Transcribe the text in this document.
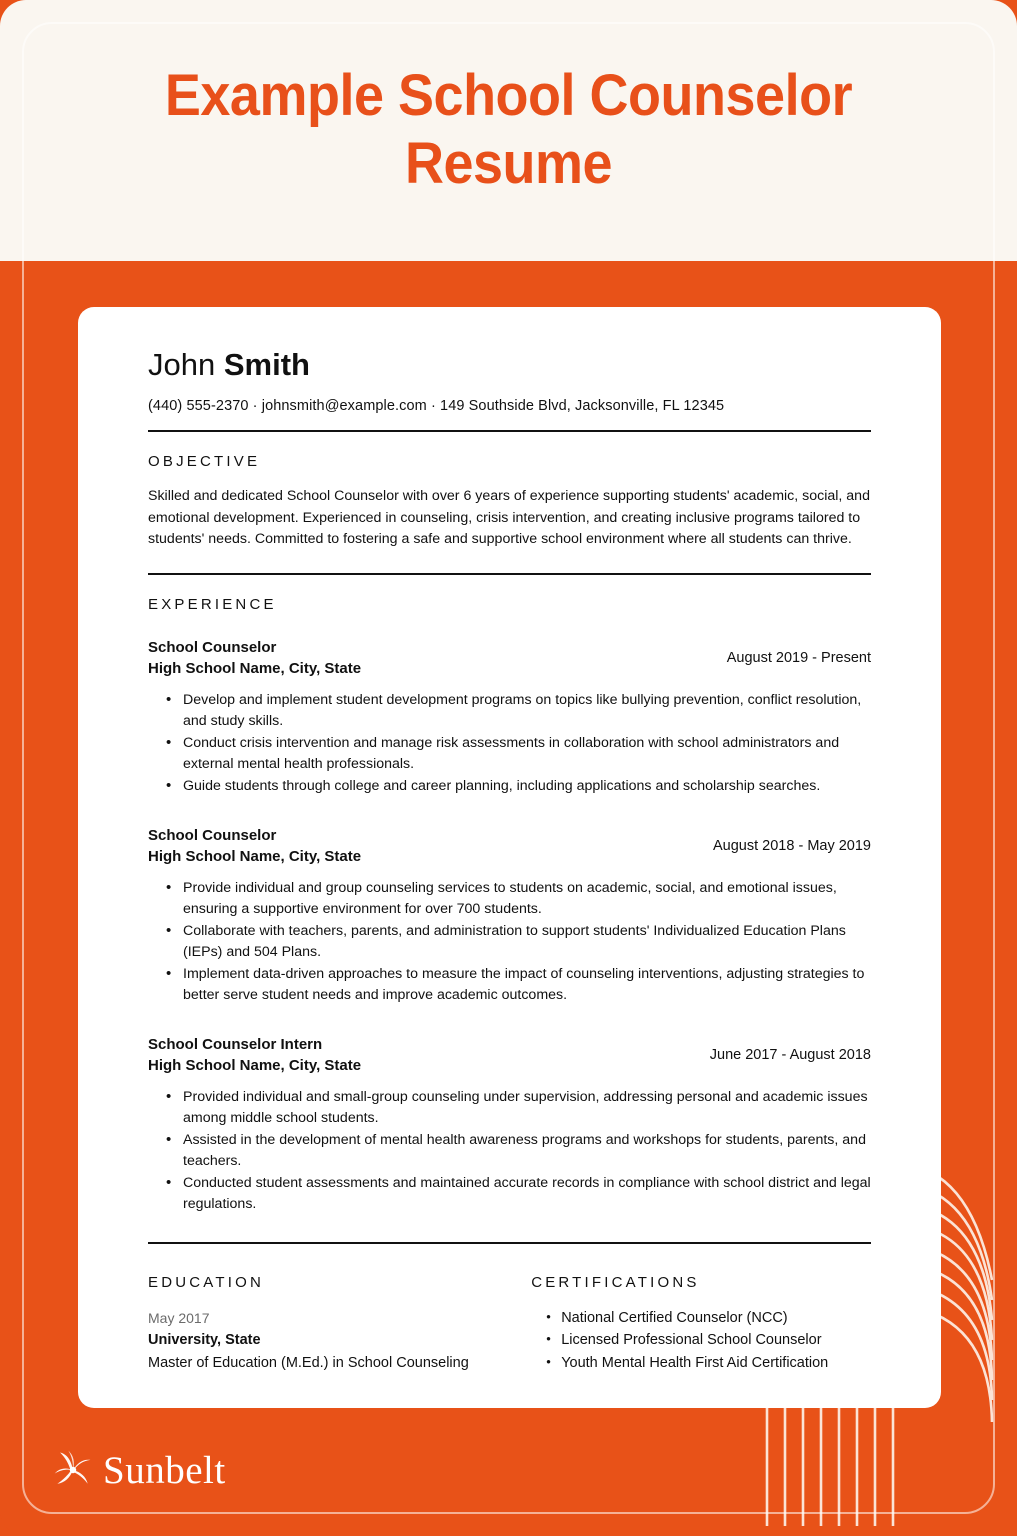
Example School Counselor Resume
John Smith
(440) 555-2370 · johnsmith@example.com · 149 Southside Blvd, Jacksonville, FL 12345
OBJECTIVE
Skilled and dedicated School Counselor with over 6 years of experience supporting students' academic, social, and emotional development. Experienced in counseling, crisis intervention, and creating inclusive programs tailored to students' needs. Committed to fostering a safe and supportive school environment where all students can thrive.
EXPERIENCE
School Counselor
High School Name, City, State
August 2019 - Present
• Develop and implement student development programs on topics like bullying prevention, conflict resolution, and study skills.
• Conduct crisis intervention and manage risk assessments in collaboration with school administrators and external mental health professionals.
• Guide students through college and career planning, including applications and scholarship searches.
School Counselor
High School Name, City, State
August 2018 - May 2019
• Provide individual and group counseling services to students on academic, social, and emotional issues, ensuring a supportive environment for over 700 students.
• Collaborate with teachers, parents, and administration to support students' Individualized Education Plans (IEPs) and 504 Plans.
• Implement data-driven approaches to measure the impact of counseling interventions, adjusting strategies to better serve student needs and improve academic outcomes.
School Counselor Intern
High School Name, City, State
June 2017 - August 2018
• Provided individual and small-group counseling under supervision, addressing personal and academic issues among middle school students.
• Assisted in the development of mental health awareness programs and workshops for students, parents, and teachers.
• Conducted student assessments and maintained accurate records in compliance with school district and legal regulations.
EDUCATION
May 2017
University, State
Master of Education (M.Ed.) in School Counseling
CERTIFICATIONS
• National Certified Counselor (NCC)
• Licensed Professional School Counselor
• Youth Mental Health First Aid Certification
Sunbelt
